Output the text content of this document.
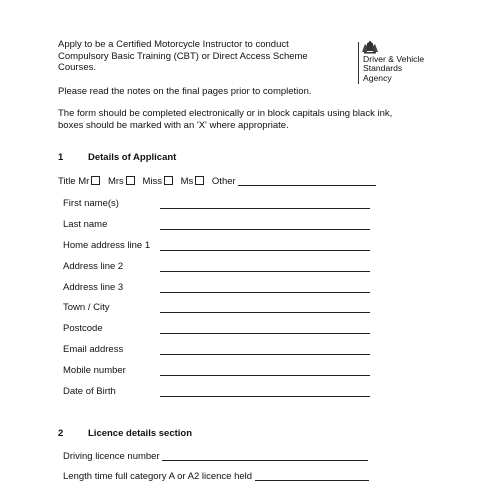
Apply to be a Certified Motorcycle Instructor to conduct
Compulsory Basic Training (CBT) or Direct Access Scheme
Courses.

Driver & Vehicle
Standards
Agency

Please read the notes on the final pages prior to completion.

The form should be completed electronically or in block capitals using black ink,
boxes should be marked with an 'X' where appropriate.

1	Details of Applicant
Title Mr Mrs Miss Ms Other
First name(s)
Last name
Home address line 1
Address line 2
Address line 3
Town / City
Postcode
Email address
Mobile number
Date of Birth
2	Licence details section
Driving licence number
Length time full category A or A2 licence held
